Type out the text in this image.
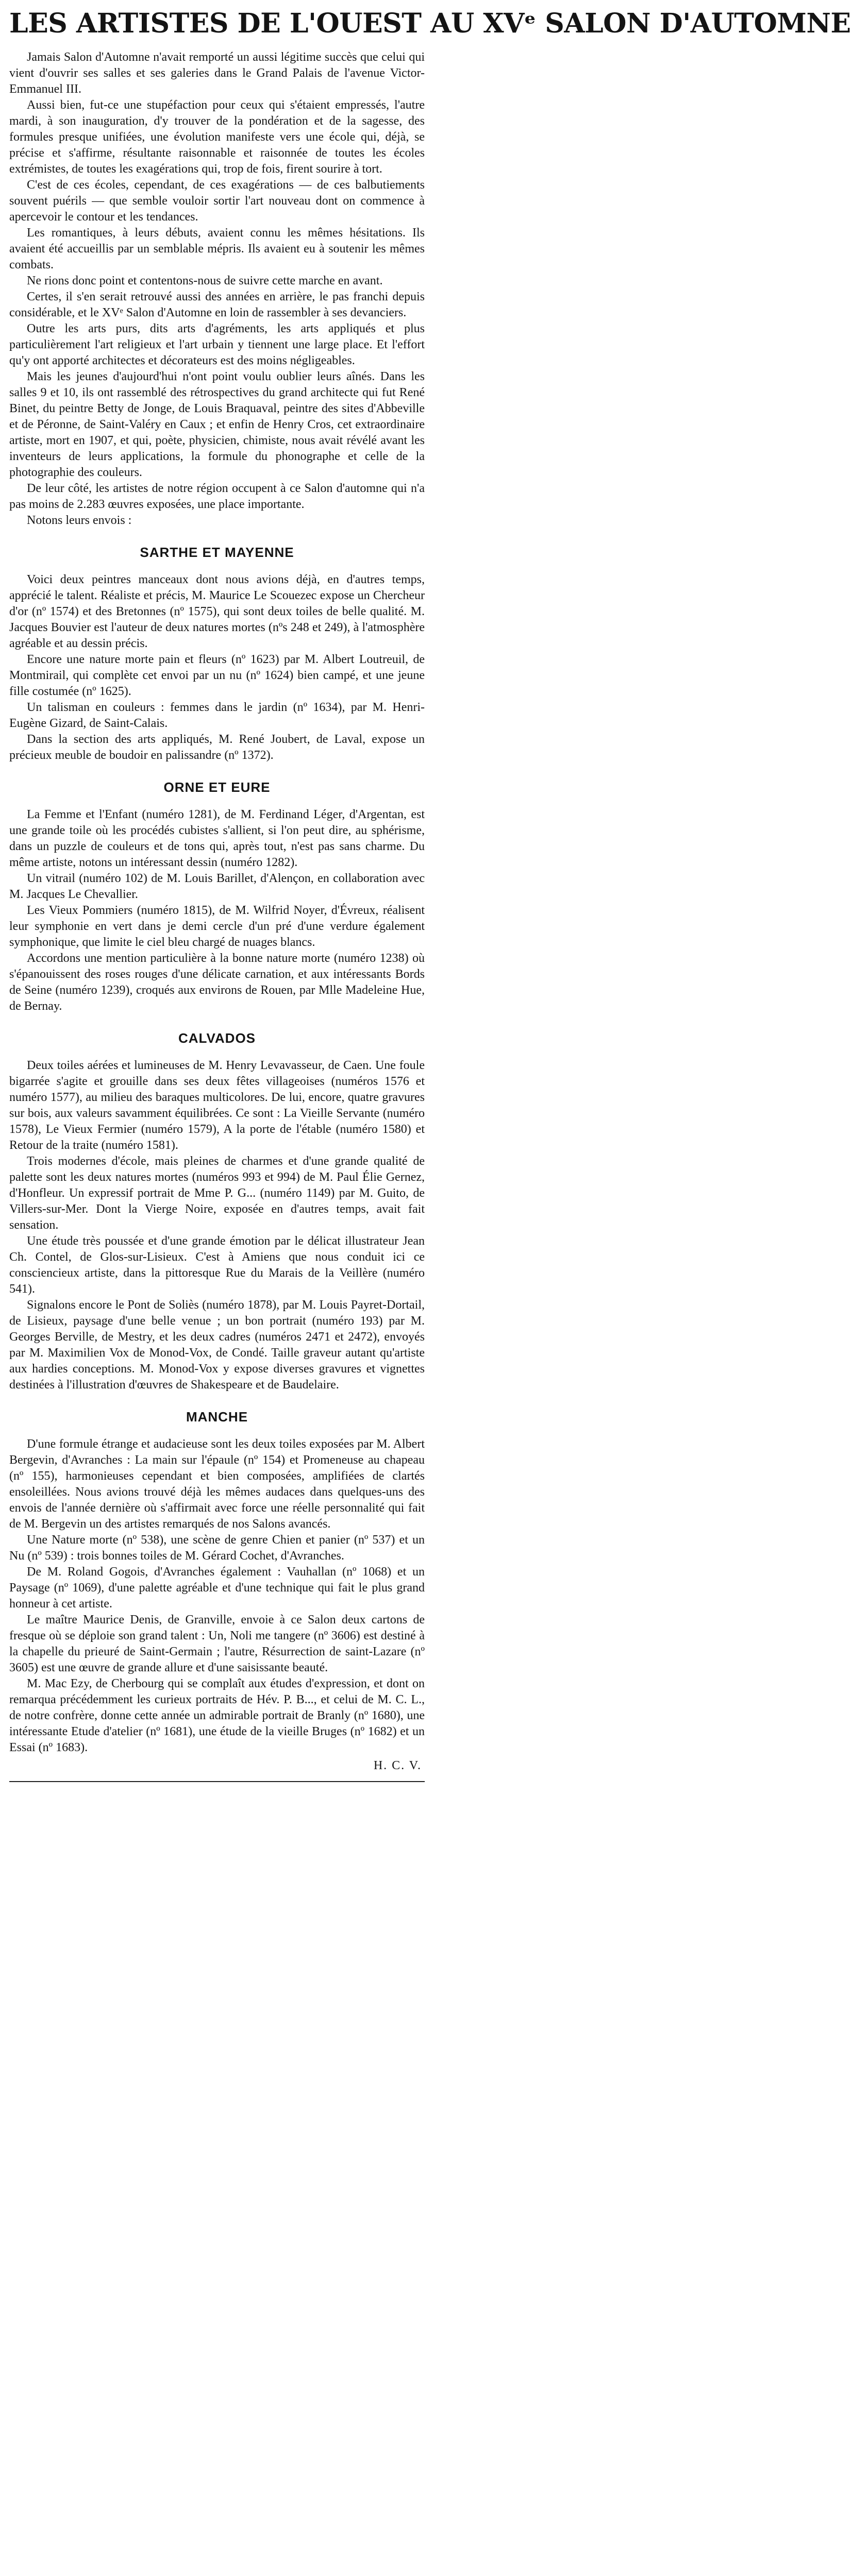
LES ARTISTES DE L'OUEST AU XVᵉ SALON D'AUTOMNE

Jamais Salon d'Automne n'avait remporté un aussi légitime succès que celui qui vient d'ouvrir ses salles et ses galeries dans le Grand Palais de l'avenue Victor-Emmanuel III.

Aussi bien, fut-ce une stupéfaction pour ceux qui s'étaient empressés, l'autre mardi, à son inauguration, d'y trouver de la pondération et de la sagesse, des formules presque unifiées, une évolution manifeste vers une école qui, déjà, se précise et s'affirme, résultante raisonnable et raisonnée de toutes les écoles extrémistes, de toutes les exagérations qui, trop de fois, firent sourire à tort.

C'est de ces écoles, cependant, de ces exagérations — de ces balbutiements souvent puérils — que semble vouloir sortir l'art nouveau dont on commence à apercevoir le contour et les tendances.

Les romantiques, à leurs débuts, avaient connu les mêmes hésitations. Ils avaient été accueillis par un semblable mépris. Ils avaient eu à soutenir les mêmes combats.

Ne rions donc point et contentons-nous de suivre cette marche en avant.

Certes, il s'en serait retrouvé aussi des années en arrière, le pas franchi depuis considérable, et le XVᵉ Salon d'Automne en loin de rassembler à ses devanciers.

Outre les arts purs, dits arts d'agréments, les arts appliqués et plus particulièrement l'art religieux et l'art urbain y tiennent une large place. Et l'effort qu'y ont apporté architectes et décorateurs est des moins négligeables.

Mais les jeunes d'aujourd'hui n'ont point voulu oublier leurs aînés. Dans les salles 9 et 10, ils ont rassemblé des rétrospectives du grand architecte qui fut René Binet, du peintre Betty de Jonge, de Louis Braquaval, peintre des sites d'Abbeville et de Péronne, de Saint-Valéry en Caux ; et enfin de Henry Cros, cet extraordinaire artiste, mort en 1907, et qui, poète, physicien, chimiste, nous avait révélé avant les inventeurs de leurs applications, la formule du phonographe et celle de la photographie des couleurs.

De leur côté, les artistes de notre région occupent à ce Salon d'automne qui n'a pas moins de 2.283 œuvres exposées, une place importante.

Notons leurs envois :

SARTHE ET MAYENNE

Voici deux peintres manceaux dont nous avions déjà, en d'autres temps, apprécié le talent. Réaliste et précis, M. Maurice Le Scouezec expose un Chercheur d'or (nº 1574) et des Bretonnes (nº 1575), qui sont deux toiles de belle qualité. M. Jacques Bouvier est l'auteur de deux natures mortes (nºs 248 et 249), à l'atmosphère agréable et au dessin précis.

Encore une nature morte pain et fleurs (nº 1623) par M. Albert Loutreuil, de Montmirail, qui complète cet envoi par un nu (nº 1624) bien campé, et une jeune fille costumée (nº 1625).

Un talisman en couleurs : femmes dans le jardin (nº 1634), par M. Henri-Eugène Gizard, de Saint-Calais.

Dans la section des arts appliqués, M. René Joubert, de Laval, expose un précieux meuble de boudoir en palissandre (nº 1372).

ORNE ET EURE

La Femme et l'Enfant (numéro 1281), de M. Ferdinand Léger, d'Argentan, est une grande toile où les procédés cubistes s'allient, si l'on peut dire, au sphérisme, dans un puzzle de couleurs et de tons qui, après tout, n'est pas sans charme. Du même artiste, notons un intéressant dessin (numéro 1282).

Un vitrail (numéro 102) de M. Louis Barillet, d'Alençon, en collaboration avec M. Jacques Le Chevallier.

Les Vieux Pommiers (numéro 1815), de M. Wilfrid Noyer, d'Évreux, réalisent leur symphonie en vert dans je demi cercle d'un pré d'une verdure également symphonique, que limite le ciel bleu chargé de nuages blancs.

Accordons une mention particulière à la bonne nature morte (numéro 1238) où s'épanouissent des roses rouges d'une délicate carnation, et aux intéressants Bords de Seine (numéro 1239), croqués aux environs de Rouen, par Mlle Madeleine Hue, de Bernay.

CALVADOS

Deux toiles aérées et lumineuses de M. Henry Levavasseur, de Caen. Une foule bigarrée s'agite et grouille dans ses deux fêtes villageoises (numéros 1576 et numéro 1577), au milieu des baraques multicolores. De lui, encore, quatre gravures sur bois, aux valeurs savamment équilibrées. Ce sont : La Vieille Servante (numéro 1578), Le Vieux Fermier (numéro 1579), A la porte de l'étable (numéro 1580) et Retour de la traite (numéro 1581).

Trois modernes d'école, mais pleines de charmes et d'une grande qualité de palette sont les deux natures mortes (numéros 993 et 994) de M. Paul Élie Gernez, d'Honfleur. Un expressif portrait de Mme P. G... (numéro 1149) par M. Guito, de Villers-sur-Mer. Dont la Vierge Noire, exposée en d'autres temps, avait fait sensation.

Une étude très poussée et d'une grande émotion par le délicat illustrateur Jean Ch. Contel, de Glos-sur-Lisieux. C'est à Amiens que nous conduit ici ce consciencieux artiste, dans la pittoresque Rue du Marais de la Veillère (numéro 541).

Signalons encore le Pont de Soliès (numéro 1878), par M. Louis Payret-Dortail, de Lisieux, paysage d'une belle venue ; un bon portrait (numéro 193) par M. Georges Berville, de Mestry, et les deux cadres (numéros 2471 et 2472), envoyés par M. Maximilien Vox de Monod-Vox, de Condé. Taille graveur autant qu'artiste aux hardies conceptions. M. Monod-Vox y expose diverses gravures et vignettes destinées à l'illustration d'œuvres de Shakespeare et de Baudelaire.

MANCHE

D'une formule étrange et audacieuse sont les deux toiles exposées par M. Albert Bergevin, d'Avranches : La main sur l'épaule (nº 154) et Promeneuse au chapeau (nº 155), harmonieuses cependant et bien composées, amplifiées de clartés ensoleillées. Nous avions trouvé déjà les mêmes audaces dans quelques-uns des envois de l'année dernière où s'affirmait avec force une réelle personnalité qui fait de M. Bergevin un des artistes remarqués de nos Salons avancés.

Une Nature morte (nº 538), une scène de genre Chien et panier (nº 537) et un Nu (nº 539) : trois bonnes toiles de M. Gérard Cochet, d'Avranches.

De M. Roland Gogois, d'Avranches également : Vauhallan (nº 1068) et un Paysage (nº 1069), d'une palette agréable et d'une technique qui fait le plus grand honneur à cet artiste.

Le maître Maurice Denis, de Granville, envoie à ce Salon deux cartons de fresque où se déploie son grand talent : Un, Noli me tangere (nº 3606) est destiné à la chapelle du prieuré de Saint-Germain ; l'autre, Résurrection de saint-Lazare (nº 3605) est une œuvre de grande allure et d'une saisissante beauté.

M. Mac Ezy, de Cherbourg qui se complaît aux études d'expression, et dont on remarqua précédemment les curieux portraits de Hév. P. B..., et celui de M. C. L., de notre confrère, donne cette année un admirable portrait de Branly (nº 1680), une intéressante Etude d'atelier (nº 1681), une étude de la vieille Bruges (nº 1682) et un Essai (nº 1683).

H. C. V.
